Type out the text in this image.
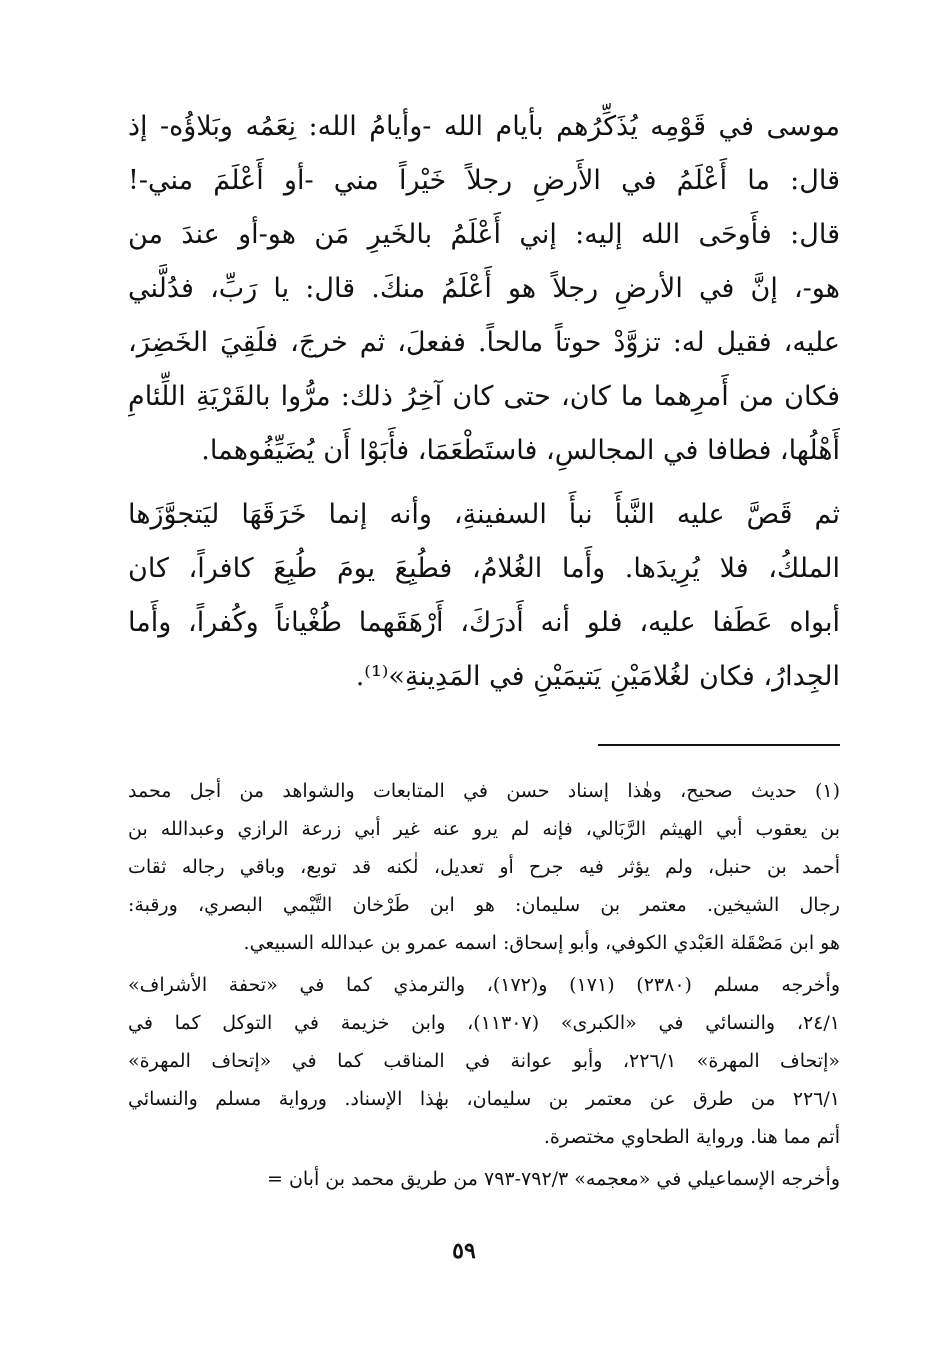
موسى في قَوْمِه يُذَكِّرُهم بأيام الله -وأيامُ الله: نِعَمُه وبَلاؤُه- إذ
قال: ما أَعْلَمُ في الأَرضِ رجلاً خَيْراً مني -أو أَعْلَمَ مني-!
قال: فأَوحَى الله إليه: إني أَعْلَمُ بالخَيرِ مَن هو-أو عندَ من
هو-، إنَّ في الأرضِ رجلاً هو أَعْلَمُ منكَ. قال: يا رَبِّ، فدُلَّني
عليه، فقيل له: تزوَّدْ حوتاً مالحاً. ففعلَ، ثم خرجَ، فلَقِيَ الخَضِرَ،
فكان من أَمرِهما ما كان، حتى كان آخِرُ ذلك: مرُّوا بالقَرْيَةِ اللِّئامِ
أَهْلُها، فطافا في المجالسِ، فاستَطْعَمَا، فأَبَوْا أَن يُضَيِّفُوهما.
ثم قَصَّ عليه النَّبأَ نبأَ السفينةِ، وأنه إنما خَرَقَهَا ليَتجوَّزَها
الملكُ، فلا يُرِيدَها. وأَما الغُلامُ، فطُبِعَ يومَ طُبِعَ كافراً، كان
أبواه عَطَفا عليه، فلو أنه أَدرَكَ، أَرْهَقَهما طُغْياناً وكُفراً، وأَما
الجِدارُ، فكان لغُلامَيْنِ يَتيمَيْنِ في المَدِينةِ»⁽¹⁾.
(١) حديث صحيح، وهٰذا إسناد حسن في المتابعات والشواهد من أجل محمد
بن يعقوب أبي الهيثم الرَّبَالي، فإنه لم يرو عنه غير أبي زرعة الرازي وعبدالله بن
أحمد بن حنبل، ولم يؤثر فيه جرح أو تعديل، لٰكنه قد توبع، وباقي رجاله ثقات
رجال الشيخين. معتمر بن سليمان: هو ابن طَرْخان التَّيْمي البصري، ورقبة:
هو ابن مَصْقَلة العَبْدي الكوفي، وأبو إسحاق: اسمه عمرو بن عبدالله السبيعي.
وأخرجه مسلم (٢٣٨٠) (١٧١) و(١٧٢)، والترمذي كما في «تحفة الأشراف»
٢٤/١، والنسائي في «الكبرى» (١١٣٠٧)، وابن خزيمة في التوكل كما في
«إتحاف المهرة» ٢٢٦/١، وأبو عوانة في المناقب كما في «إتحاف المهرة»
٢٢٦/١ من طرق عن معتمر بن سليمان، بهٰذا الإسناد. ورواية مسلم والنسائي
أتم مما هنا. ورواية الطحاوي مختصرة.
وأخرجه الإسماعيلي في «معجمه» ٧٩٢/٣-٧٩٣ من طريق محمد بن أبان =
٥٩
